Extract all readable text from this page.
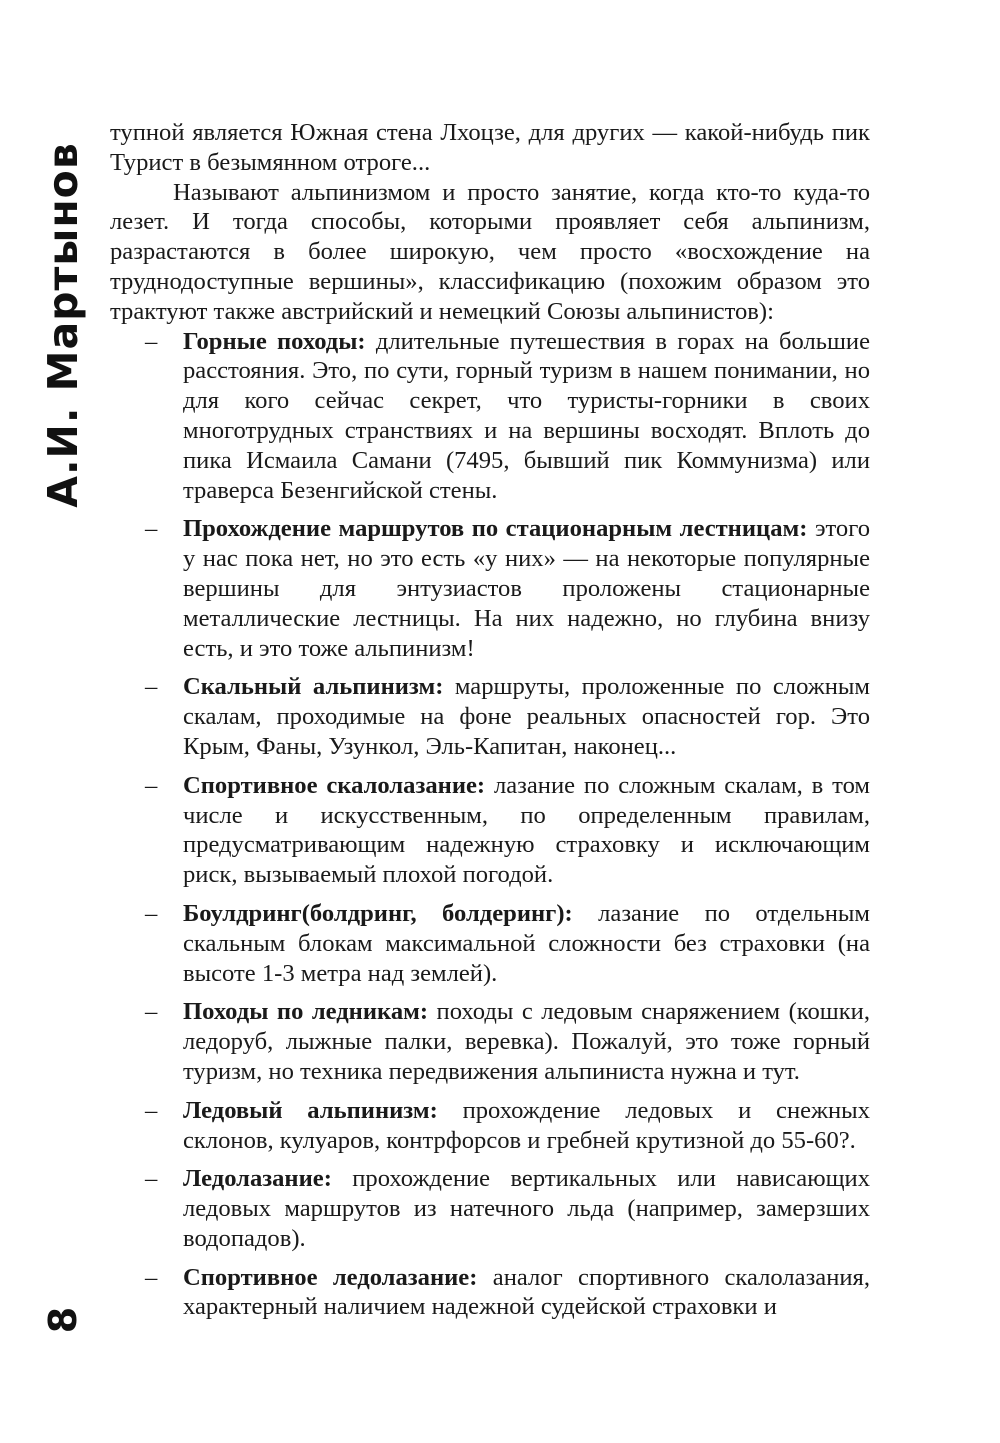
А.И. Мартынов
8

тупной является Южная стена Лхоцзе, для других — какой-нибудь пик Турист в безымянном отроге...

Называют альпинизмом и просто занятие, когда кто-то куда-то лезет. И тогда способы, которыми проявляет себя альпинизм, разрастаются в более широкую, чем просто «восхождение на труднодоступные вершины», классификацию (похожим образом это трактуют также австрийский и немецкий Союзы альпинистов):

– Горные походы: длительные путешествия в горах на большие расстояния. Это, по сути, горный туризм в нашем понимании, но для кого сейчас секрет, что туристы-горники в своих многотрудных странствиях и на вершины восходят. Вплоть до пика Исмаила Самани (7495, бывший пик Коммунизма) или траверса Безенгийской стены.
– Прохождение маршрутов по стационарным лестницам: этого у нас пока нет, но это есть «у них» — на некоторые популярные вершины для энтузиастов проложены стационарные металлические лестницы. На них надежно, но глубина внизу есть, и это тоже альпинизм!
– Скальный альпинизм: маршруты, проложенные по сложным скалам, проходимые на фоне реальных опасностей гор. Это Крым, Фаны, Узункол, Эль-Капитан, наконец...
– Спортивное скалолазание: лазание по сложным скалам, в том числе и искусственным, по определенным правилам, предусматривающим надежную страховку и исключающим риск, вызываемый плохой погодой.
– Боулдринг(болдринг, болдеринг): лазание по отдельным скальным блокам максимальной сложности без страховки (на высоте 1-3 метра над землей).
– Походы по ледникам: походы с ледовым снаряжением (кошки, ледоруб, лыжные палки, веревка). Пожалуй, это тоже горный туризм, но техника передвижения альпиниста нужна и тут.
– Ледовый альпинизм: прохождение ледовых и снежных склонов, кулуаров, контрфорсов и гребней крутизной до 55-60?.
– Ледолазание: прохождение вертикальных или нависающих ледовых маршрутов из натечного льда (например, замерзших водопадов).
– Спортивное ледолазание: аналог спортивного скалолазания, характерный наличием надежной судейской страховки и
